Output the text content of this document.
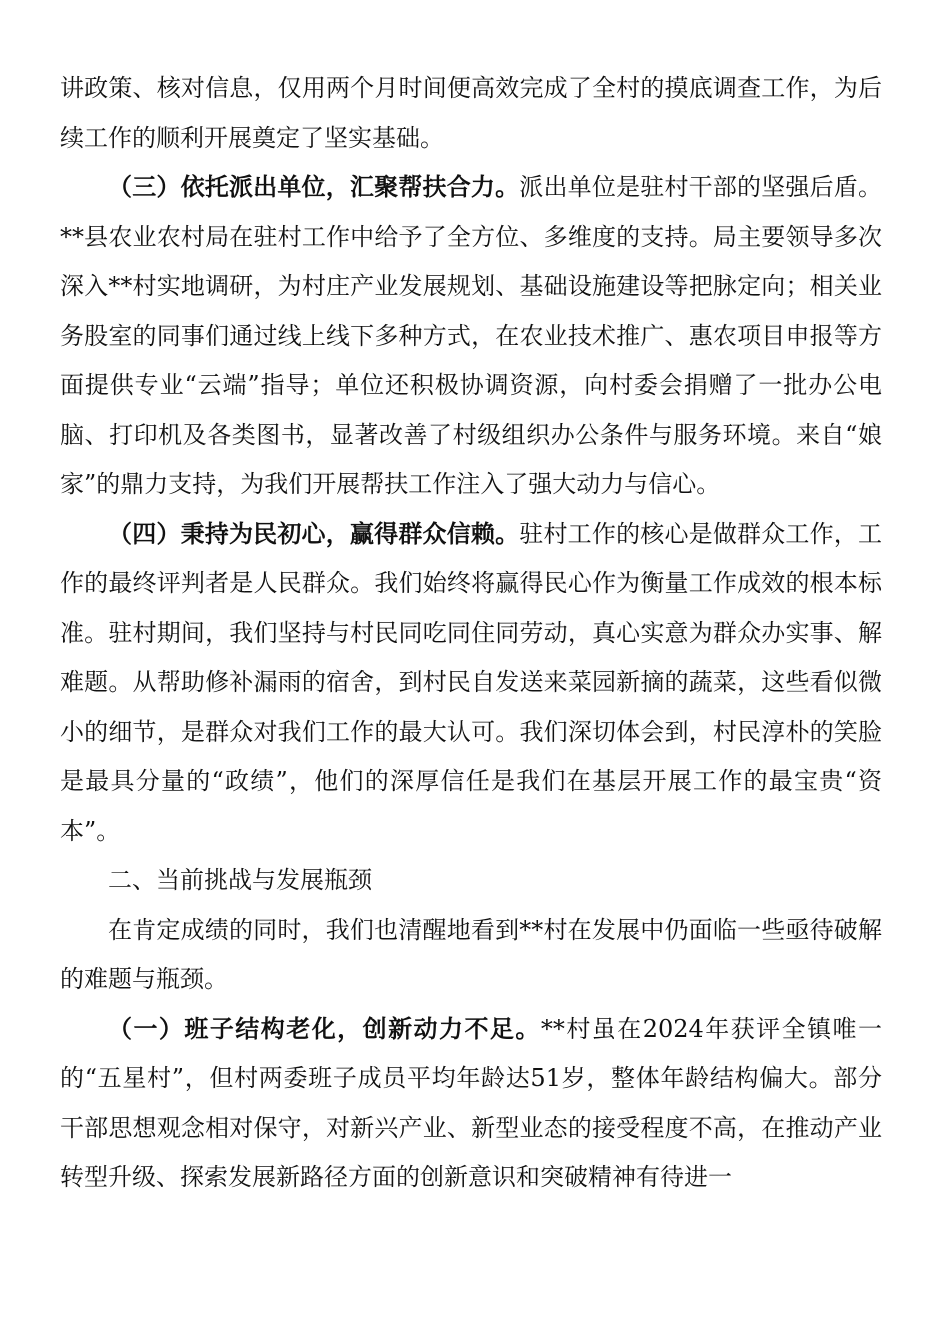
讲政策、核对信息，仅用两个月时间便高效完成了全村的摸底调查工作，为后续工作的顺利开展奠定了坚实基础。

（三）依托派出单位，汇聚帮扶合力。派出单位是驻村干部的坚强后盾。**县农业农村局在驻村工作中给予了全方位、多维度的支持。局主要领导多次深入**村实地调研，为村庄产业发展规划、基础设施建设等把脉定向；相关业务股室的同事们通过线上线下多种方式，在农业技术推广、惠农项目申报等方面提供专业“云端”指导；单位还积极协调资源，向村委会捐赠了一批办公电脑、打印机及各类图书，显著改善了村级组织办公条件与服务环境。来自“娘家”的鼎力支持，为我们开展帮扶工作注入了强大动力与信心。

（四）秉持为民初心，赢得群众信赖。驻村工作的核心是做群众工作，工作的最终评判者是人民群众。我们始终将赢得民心作为衡量工作成效的根本标准。驻村期间，我们坚持与村民同吃同住同劳动，真心实意为群众办实事、解难题。从帮助修补漏雨的宿舍，到村民自发送来菜园新摘的蔬菜，这些看似微小的细节，是群众对我们工作的最大认可。我们深切体会到，村民淳朴的笑脸是最具分量的“政绩”，他们的深厚信任是我们在基层开展工作的最宝贵“资本”。

二、当前挑战与发展瓶颈

在肯定成绩的同时，我们也清醒地看到**村在发展中仍面临一些亟待破解的难题与瓶颈。

（一）班子结构老化，创新动力不足。**村虽在2024年获评全镇唯一的“五星村”，但村两委班子成员平均年龄达51岁，整体年龄结构偏大。部分干部思想观念相对保守，对新兴产业、新型业态的接受程度不高，在推动产业转型升级、探索发展新路径方面的创新意识和突破精神有待进一
